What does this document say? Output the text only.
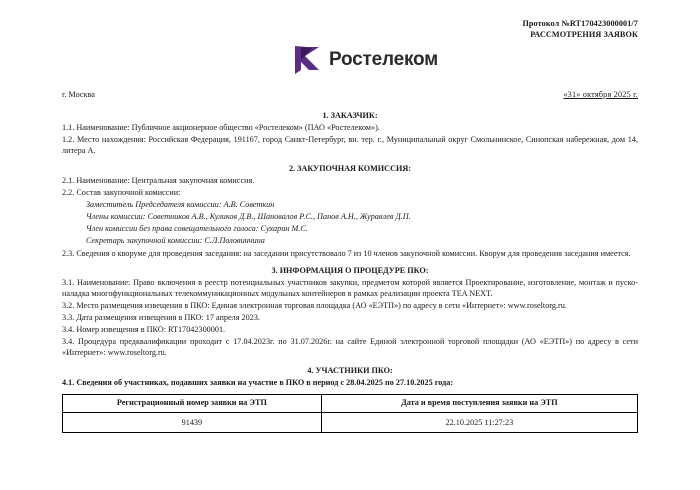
Протокол №RT170423000001/7
РАССМОТРЕНИЯ ЗАЯВОК
Ростелеком
г. Москва	«31» октября 2025 г.
1. ЗАКАЗЧИК:

1.1. Наименование: Публичное акционерное общество «Ростелеком» (ПАО «Ростелеком»).

1.2. Место нахождения: Российская Федерация, 191167, город Санкт-Петербург, вн. тер. г., Муниципальный округ Смольнинское, Синопская набережная, дом 14, литера А.

2. ЗАКУПОЧНАЯ КОМИССИЯ:

2.1. Наименование: Центральная закупочная комиссия.

2.2. Состав закупочной комиссии:

Заместитель Председателя комиссии: А.В. Советкин

Члены комиссии: Советников А.В., Куликов Д.В., Шановалов Р.С., Панов А.Н., Журавлев Д.П.

Член комиссии без права совещательного голоса: Сухарин М.С.

Секретарь закупочной комиссии: С.Л.Половинчина

2.3. Сведения о кворуме для проведения заседания: на заседании присутствовало 7 из 10 членов закупочной комиссии. Кворум для проведения заседания имеется.

3. ИНФОРМАЦИЯ О ПРОЦЕДУРЕ ПКО:

3.1. Наименование: Право включения в реестр потенциальных участников закупки, предметом которой является Проектирование, изготовление, монтаж и пуско-наладка многофункциональных телекоммуникационных модульных контейнеров в рамках реализации проекта TEA NEXT.

3.2. Место размещения извещения в ПКО: Единая электронная торговая площадка (АО «ЕЭТП») по адресу в сети «Интернет»: www.roseltorg.ru.

3.3. Дата размещения извещения в ПКО: 17 апреля 2023.

3.4. Номер извещения в ПКО: RT17042300001.

3.4. Процедура предквалификации проходит с 17.04.2023г. по 31.07.2026г. на сайте Единой электронной торговой площадки (АО «ЕЭТП») по адресу в сети «Интернет»: www.roseltorg.ru.

4. УЧАСТНИКИ ПКО:

4.1. Сведения об участниках, подавших заявки на участие в ПКО в период с 28.04.2025 по 27.10.2025 года:

Регистрационный номер заявки на ЭТП	Дата и время поступления заявки на ЭТП
91439	22.10.2025 11:27:23
